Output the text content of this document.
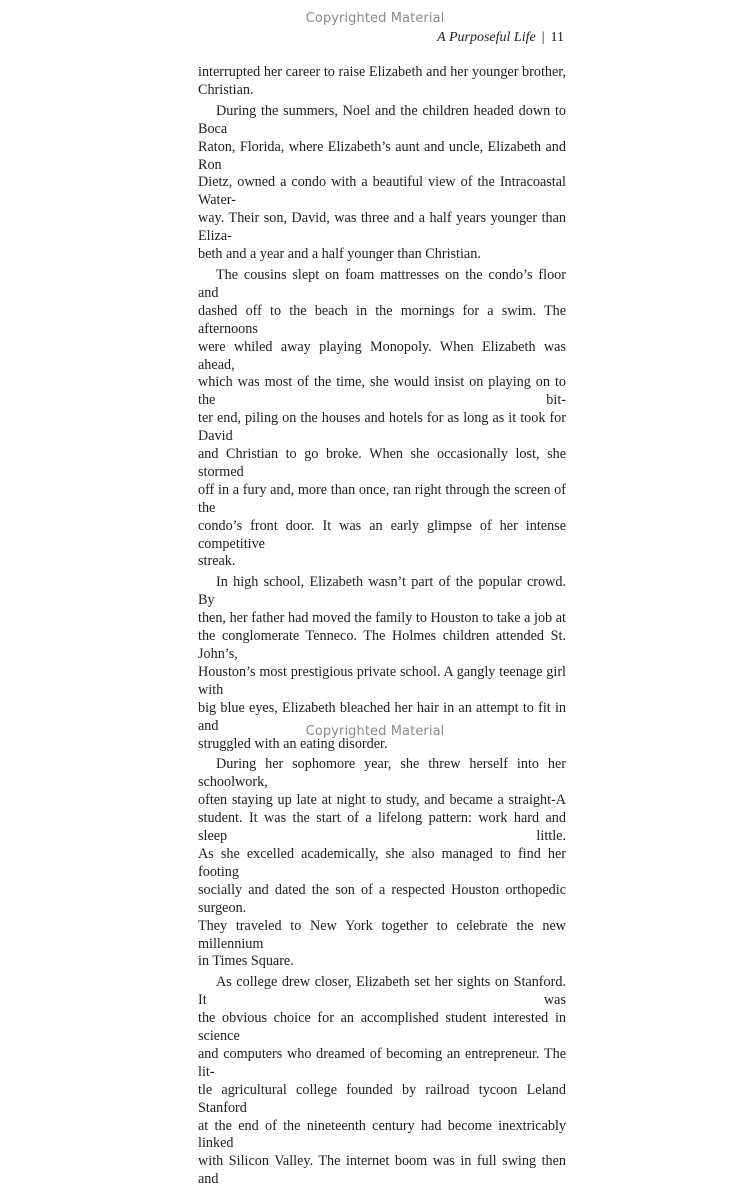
Copyrighted Material
A Purposeful Life | 11

interrupted her career to raise Elizabeth and her younger brother,
Christian.

During the summers, Noel and the children headed down to Boca
Raton, Florida, where Elizabeth’s aunt and uncle, Elizabeth and Ron
Dietz, owned a condo with a beautiful view of the Intracoastal Water-
way. Their son, David, was three and a half years younger than Eliza-
beth and a year and a half younger than Christian.

The cousins slept on foam mattresses on the condo’s floor and
dashed off to the beach in the mornings for a swim. The afternoons
were whiled away playing Monopoly. When Elizabeth was ahead,
which was most of the time, she would insist on playing on to the bit-
ter end, piling on the houses and hotels for as long as it took for David
and Christian to go broke. When she occasionally lost, she stormed
off in a fury and, more than once, ran right through the screen of the
condo’s front door. It was an early glimpse of her intense competitive
streak.

In high school, Elizabeth wasn’t part of the popular crowd. By
then, her father had moved the family to Houston to take a job at
the conglomerate Tenneco. The Holmes children attended St. John’s,
Houston’s most prestigious private school. A gangly teenage girl with
big blue eyes, Elizabeth bleached her hair in an attempt to fit in and
struggled with an eating disorder.

During her sophomore year, she threw herself into her schoolwork,
often staying up late at night to study, and became a straight-A
student. It was the start of a lifelong pattern: work hard and sleep little.
As she excelled academically, she also managed to find her footing
socially and dated the son of a respected Houston orthopedic surgeon.
They traveled to New York together to celebrate the new millennium
in Times Square.

As college drew closer, Elizabeth set her sights on Stanford. It was
the obvious choice for an accomplished student interested in science
and computers who dreamed of becoming an entrepreneur. The lit-
tle agricultural college founded by railroad tycoon Leland Stanford
at the end of the nineteenth century had become inextricably linked
with Silicon Valley. The internet boom was in full swing then and

Copyrighted Material
